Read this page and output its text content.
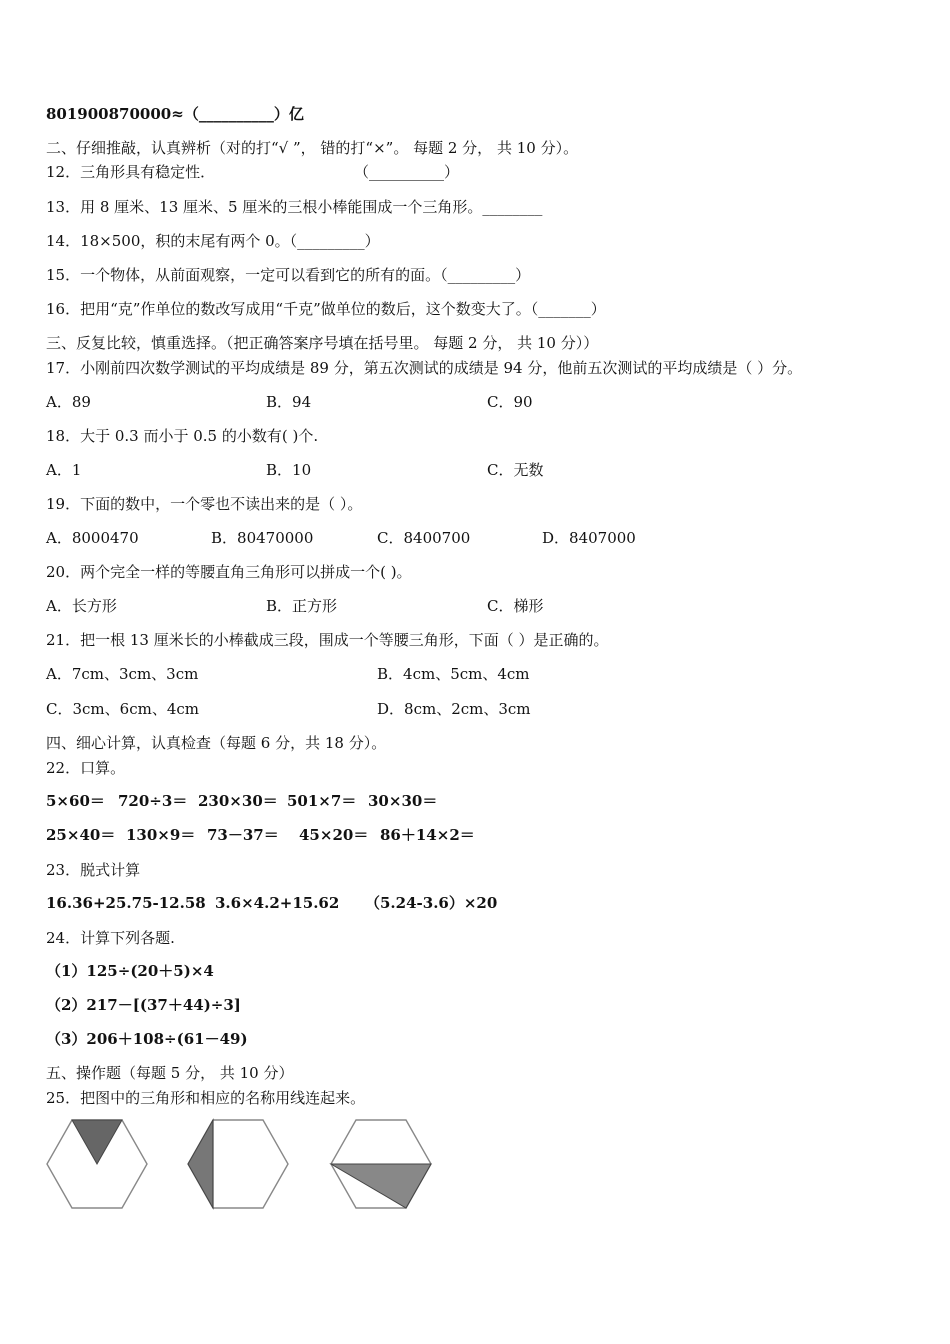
801900870000≈（__________）亿
二、仔细推敲，认真辨析（对的打“√ ”， 错的打“×”。 每题 2 分， 共 10 分）。
12．三角形具有稳定性．	（__________）
13．用 8 厘米、13 厘米、5 厘米的三根小棒能围成一个三角形。________
14．18×500，积的末尾有两个 0。（_________）
15．一个物体，从前面观察，一定可以看到它的所有的面。（_________）
16．把用“克”作单位的数改写成用“千克”做单位的数后，这个数变大了。（_______）
三、反复比较，慎重选择。（把正确答案序号填在括号里。 每题 2 分， 共 10 分））
17．小刚前四次数学测试的平均成绩是 89 分，第五次测试的成绩是 94 分，他前五次测试的平均成绩是（ ）分。
A．89	B．94	C．90
18．大于 0.3 而小于 0.5 的小数有( )个.
A．1	B．10	C．无数
19．下面的数中，一个零也不读出来的是（ ）。
A．8000470	B．80470000	C．8400700	D．8407000
20．两个完全一样的等腰直角三角形可以拼成一个( )。
A．长方形	B．正方形	C．梯形
21．把一根 13 厘米长的小棒截成三段，围成一个等腰三角形，下面（ ）是正确的。
A．7cm、3cm、3cm	B．4cm、5cm、4cm
C．3cm、6cm、4cm	D．8cm、2cm、3cm
四、细心计算，认真检查（每题 6 分，共 18 分）。
22．口算。
5×60＝ 720÷3＝ 230×30＝ 501×7＝ 30×30＝
25×40＝ 130×9＝ 73－37＝ 45×20＝ 86＋14×2＝
23．脱式计算
16.36+25.75-12.58 3.6×4.2+15.62 （5.24-3.6）×20
24．计算下列各题.
（1）125÷(20＋5)×4
（2）217－[(37＋44)÷3]
（3）206＋108÷(61－49)
五、操作题（每题 5 分， 共 10 分）
25．把图中的三角形和相应的名称用线连起来。
